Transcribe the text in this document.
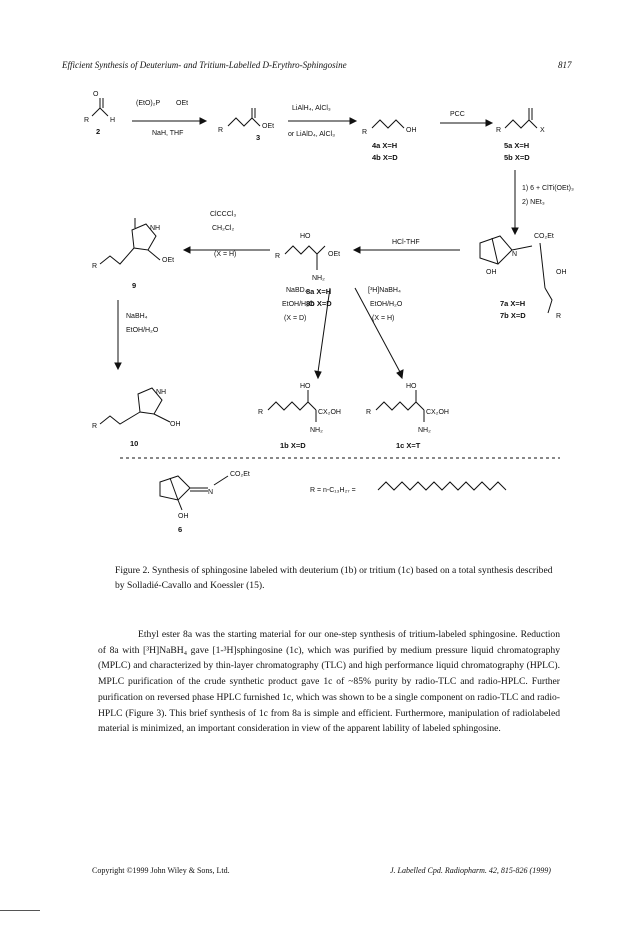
Efficient Synthesis of Deuterium- and Tritium-Labelled D-Erythro-Sphingosine	817
O
R	H
2
(EtO)₂P OEt
NaH, THF	R
OEt
3
LiAlH₄, AlCl₃
or LiAlD₄, AlCl₃	R	OH
4a X=H
4b X=D
PCC
R	X
5a X=H
5b X=D
1) 6 + ClTi(OEt)₃
2) NEt₃
CO₂Et
N
OH	OH
R
7a X=H
7b X=D
HCl-THF
R
HO
OEt
NH₂
8a X=H
8b X=D
ClCCCl₃
CH₂Cl₂
(X = H)
R
NH
OEt
9
NaBH₄
EtOH/H₂O
R
NH
OH
10
NaBD₄
EtOH/H₂O
(X = D)
[³H]NaBH₄
EtOH/H₂O
(X = H)
R
HO
CX₂OH
NH₂
1b X=D
R
HO
CX₂OH
NH₂
1c X=T
CO₂Et
N
OH
6
R = n-C₁₃H₂₇ =
Figure 2. Synthesis of sphingosine labeled with deuterium (1b) or tritium (1c) based on a total synthesis described by Solladié-Cavallo and Koessler (15).
Ethyl ester 8a was the starting material for our one-step synthesis of tritium-labeled sphingosine. Reduction of 8a with [³H]NaBH₄ gave [1-³H]sphingosine (1c), which was purified by medium pressure liquid chromatography (MPLC) and characterized by thin-layer chromatography (TLC) and high performance liquid chromatography (HPLC). MPLC purification of the crude synthetic product gave 1c of ~85% purity by radio-TLC and radio-HPLC. Further purification on reversed phase HPLC furnished 1c, which was shown to be a single component on radio-TLC and radio-HPLC (Figure 3). This brief synthesis of 1c from 8a is simple and efficient. Furthermore, manipulation of radiolabeled material is minimized, an important consideration in view of the apparent lability of labeled sphingosine.
Copyright ©1999 John Wiley & Sons, Ltd.	J. Labelled Cpd. Radiopharm. 42, 815-826 (1999)
